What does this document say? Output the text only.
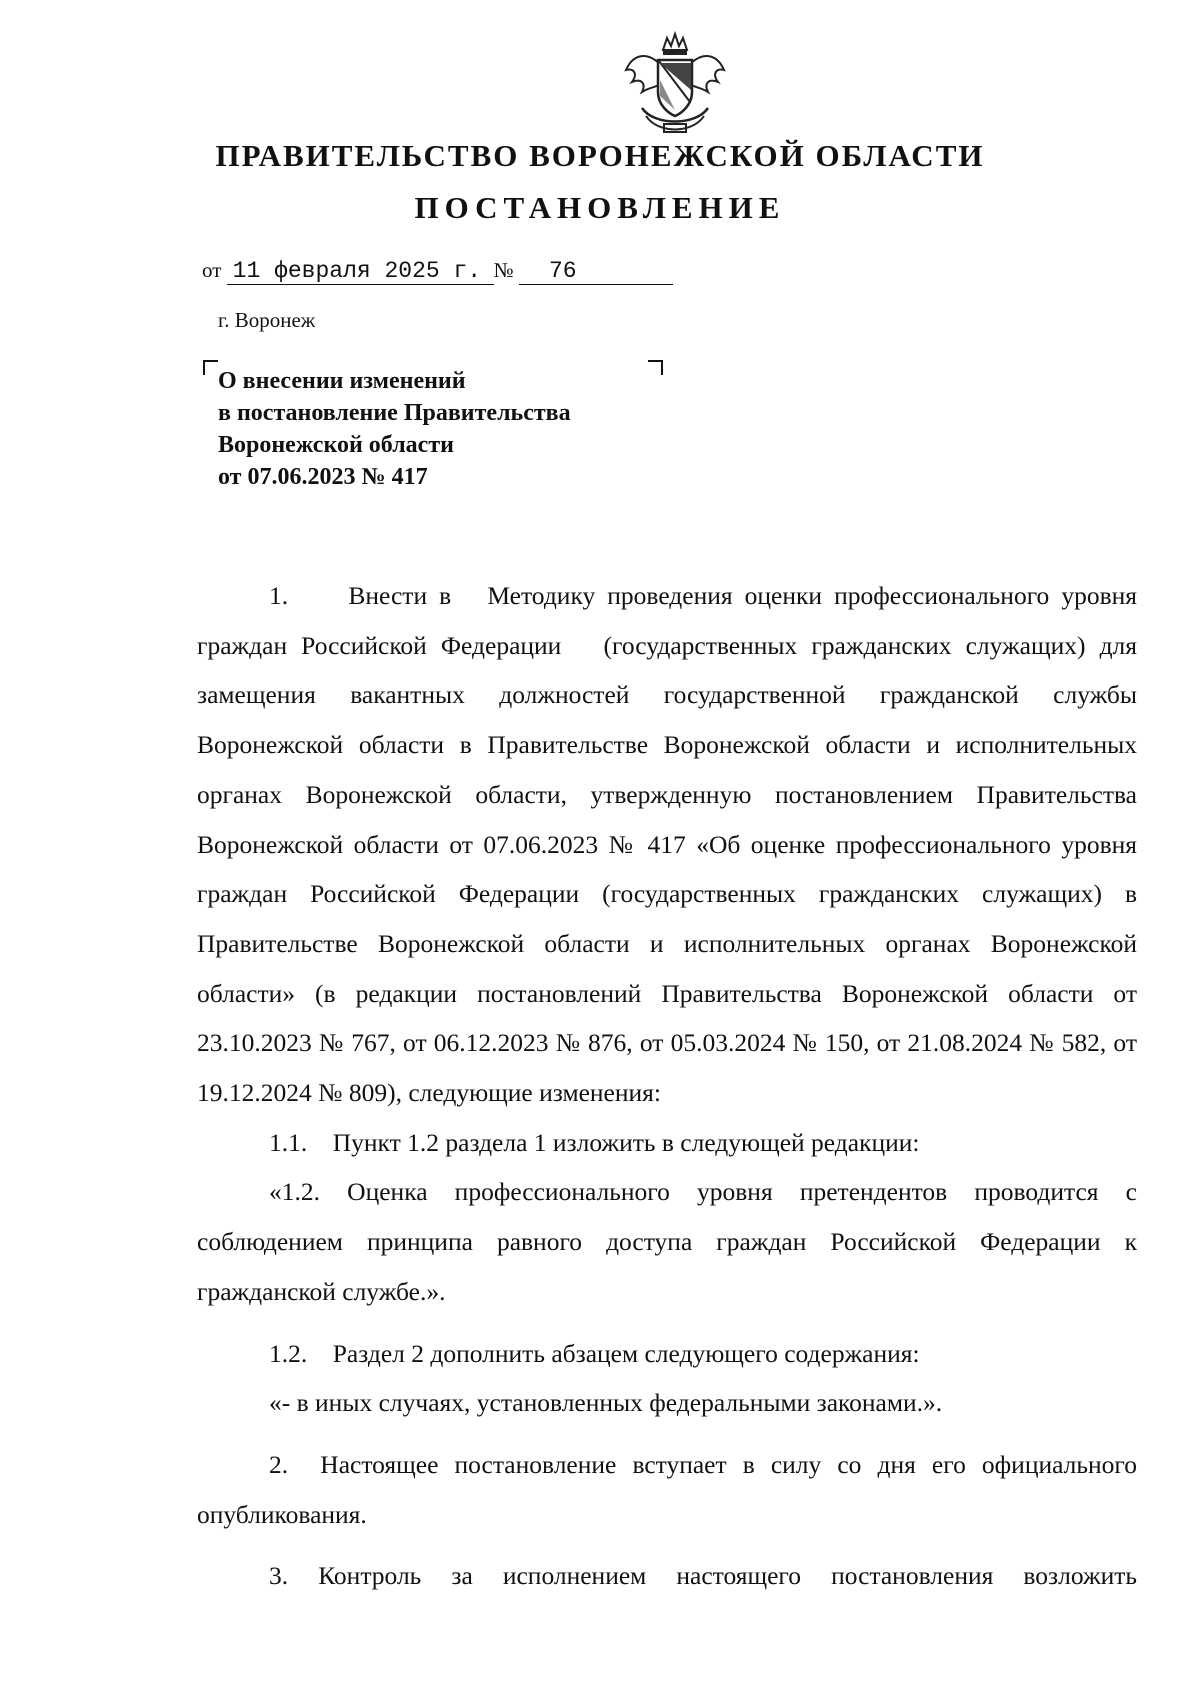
ПРАВИТЕЛЬСТВО ВОРОНЕЖСКОЙ ОБЛАСТИ
ПОСТАНОВЛЕНИЕ
от 11 февраля 2025 г. № 76
г. Воронеж
О внесении изменений
в постановление Правительства
Воронежской области
от 07.06.2023 № 417

1.     Внести в   Методику проведения оценки профессионального уровня граждан Российской Федерации   (государственных гражданских служащих) для замещения вакантных должностей государственной гражданской службы Воронежской области в Правительстве Воронежской области и исполнительных органах Воронежской области, утвержденную постановлением Правительства Воронежской области от 07.06.2023 № 417 «Об оценке профессионального уровня граждан Российской Федерации (государственных гражданских служащих) в Правительстве Воронежской области и исполнительных органах Воронежской области» (в редакции постановлений Правительства Воронежской области от 23.10.2023 № 767, от 06.12.2023 № 876, от 05.03.2024 № 150, от 21.08.2024 № 582, от 19.12.2024 № 809), следующие изменения:

1.1.    Пункт 1.2 раздела 1 изложить в следующей редакции:

«1.2. Оценка профессионального уровня претендентов проводится с соблюдением принципа равного доступа граждан Российской Федерации к гражданской службе.».

1.2.    Раздел 2 дополнить абзацем следующего содержания:

«- в иных случаях, установленных федеральными законами.».

2.  Настоящее постановление вступает в силу со дня его официального опубликования.

3. Контроль за исполнением настоящего постановления возложить
